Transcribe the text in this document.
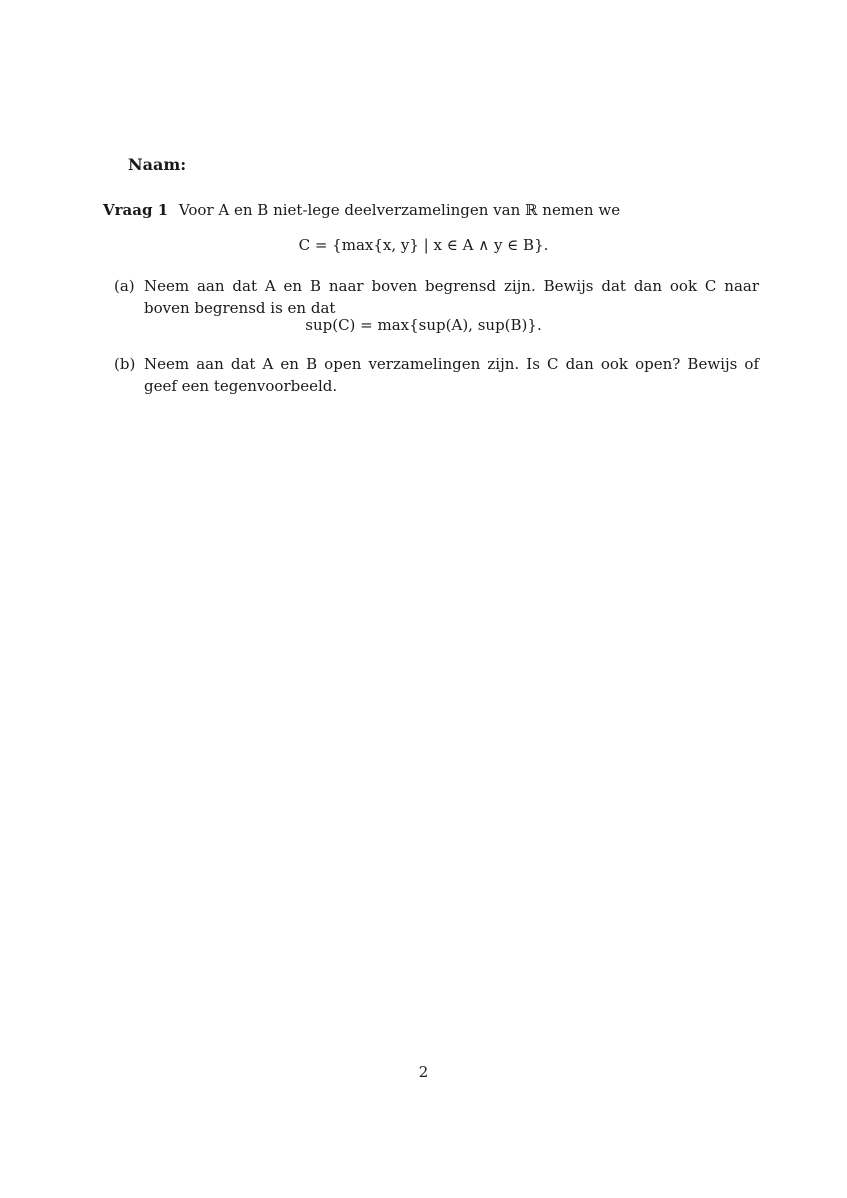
Naam:
Vraag 1 Voor A en B niet-lege deelverzamelingen van ℝ nemen we
C = {max{x, y} | x ∈ A ∧ y ∈ B}.
(a) Neem aan dat A en B naar boven begrensd zijn. Bewijs dat dan ook C naar boven begrensd is en dat
sup(C) = max{sup(A), sup(B)}.
(b) Neem aan dat A en B open verzamelingen zijn. Is C dan ook open? Bewijs of geef een tegenvoorbeeld.
2
